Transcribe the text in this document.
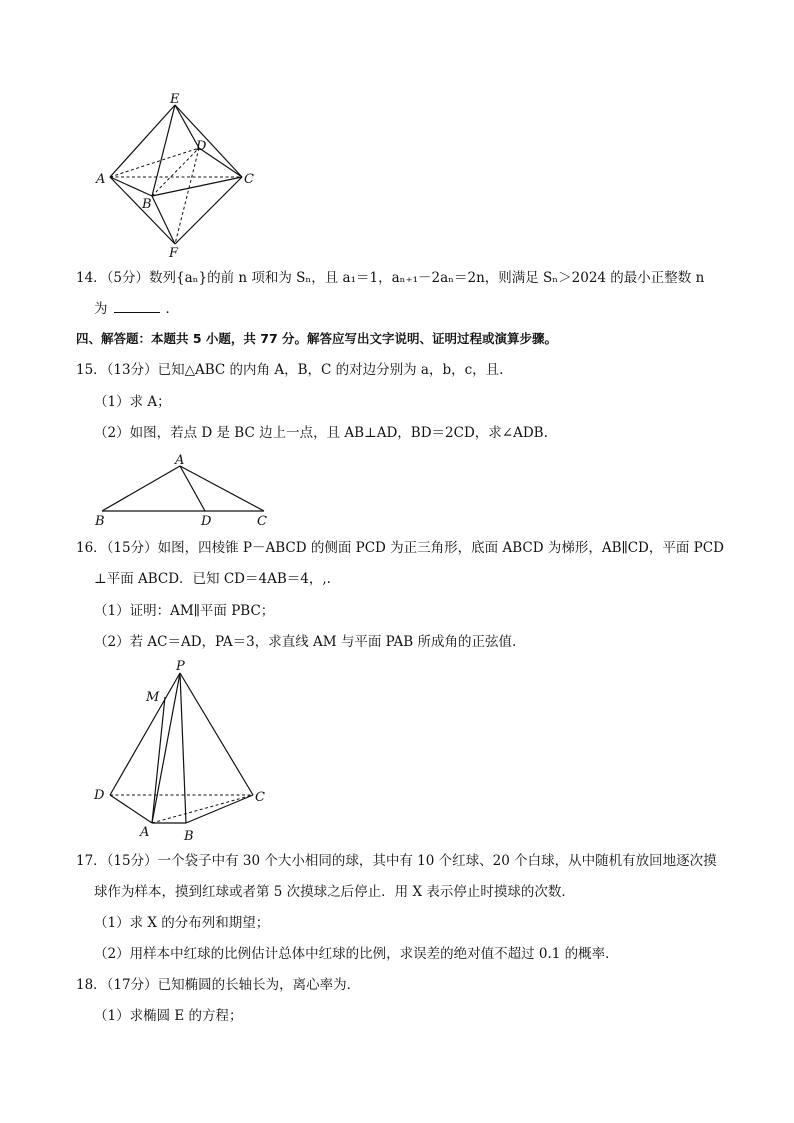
E
D
A	C
B
F
14．（5分）数列{aₙ}的前 n 项和为 Sₙ，且 a₁＝1，aₙ₊₁－2aₙ＝2n，则满足 Sₙ＞2024 的最小正整数 n
为	．
四、解答题：本题共 5 小题，共 77 分。解答应写出文字说明、证明过程或演算步骤。
15．（13分）已知△ABC 的内角 A，B，C 的对边分别为 a，b，c，且.
（1）求 A；
（2）如图，若点 D 是 BC 边上一点，且 AB⊥AD，BD＝2CD，求∠ADB.
A
B	D	C
16．（15分）如图，四棱锥 P－ABCD 的侧面 PCD 为正三角形，底面 ABCD 为梯形，AB∥CD，平面 PCD
⊥平面 ABCD．已知 CD＝4AB＝4，,.
（1）证明：AM∥平面 PBC；
（2）若 AC＝AD，PA＝3，求直线 AM 与平面 PAB 所成角的正弦值.
P
M
D	C
A	B
17．（15分）一个袋子中有 30 个大小相同的球，其中有 10 个红球、20 个白球，从中随机有放回地逐次摸
球作为样本，摸到红球或者第 5 次摸球之后停止．用 X 表示停止时摸球的次数．
（1）求 X 的分布列和期望；
（2）用样本中红球的比例估计总体中红球的比例，求误差的绝对值不超过 0.1 的概率．
18．（17分）已知椭圆的长轴长为，离心率为．
（1）求椭圆 E 的方程；
